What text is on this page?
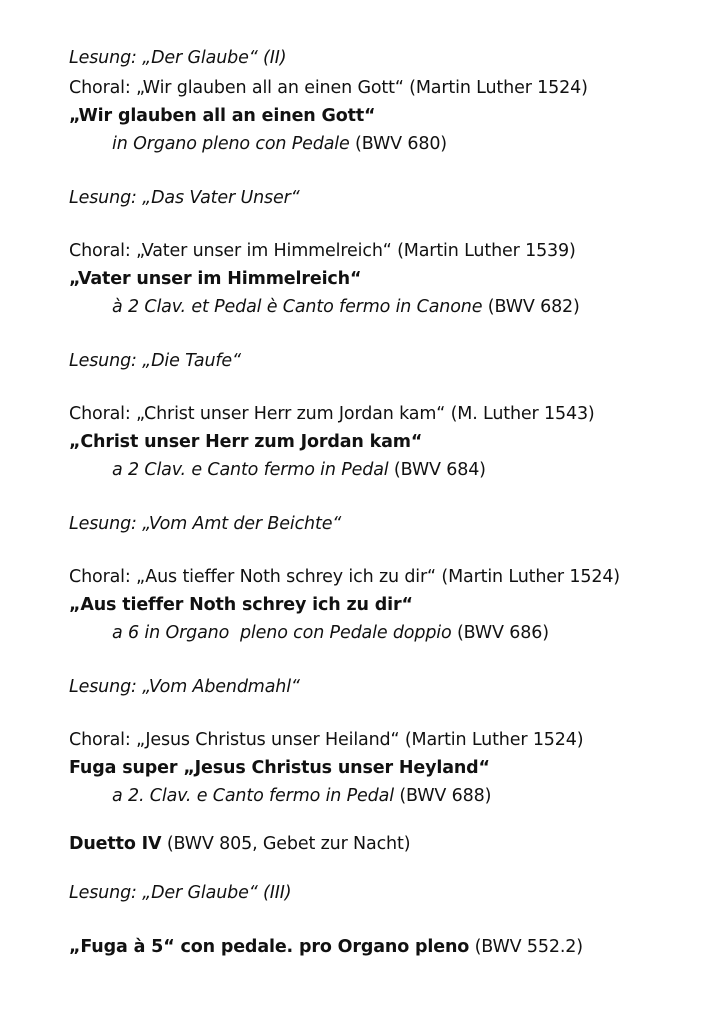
Lesung: „Der Glaube“ (II)
Choral: „Wir glauben all an einen Gott“ (Martin Luther 1524)
„Wir glauben all an einen Gott“
in Organo pleno con Pedale (BWV 680)
Lesung: „Das Vater Unser“
Choral: „Vater unser im Himmelreich“ (Martin Luther 1539)
„Vater unser im Himmelreich“
à 2 Clav. et Pedal è Canto fermo in Canone (BWV 682)
Lesung: „Die Taufe“
Choral: „Christ unser Herr zum Jordan kam“ (M. Luther 1543)
„Christ unser Herr zum Jordan kam“
a 2 Clav. e Canto fermo in Pedal (BWV 684)
Lesung: „Vom Amt der Beichte“
Choral: „Aus tieffer Noth schrey ich zu dir“ (Martin Luther 1524)
„Aus tieffer Noth schrey ich zu dir“
a 6 in Organo  pleno con Pedale doppio (BWV 686)
Lesung: „Vom Abendmahl“
Choral: „Jesus Christus unser Heiland“ (Martin Luther 1524)
Fuga super „Jesus Christus unser Heyland“
a 2. Clav. e Canto fermo in Pedal (BWV 688)
Duetto IV (BWV 805, Gebet zur Nacht)
Lesung: „Der Glaube“ (III)
„Fuga à 5“ con pedale. pro Organo pleno (BWV 552.2)
